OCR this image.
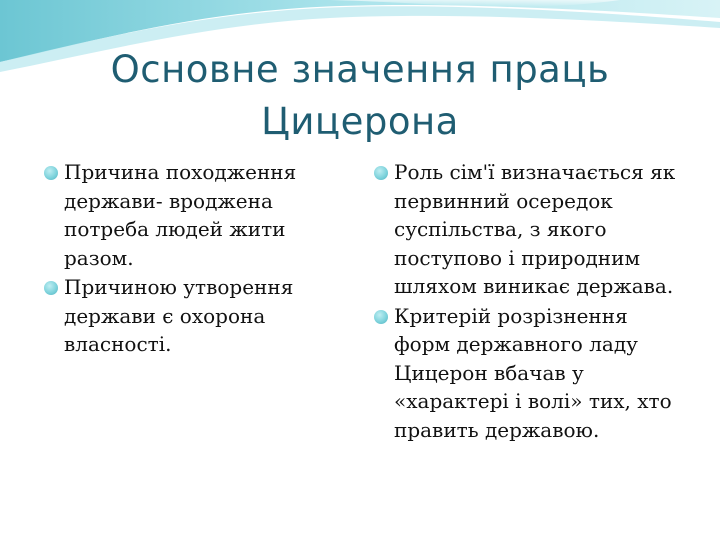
Основне значення праць
Цицерона
Причина походження держави- вроджена потреба людей жити разом.
Причиною утворення держави є охорона власності.
Роль сім'ї визначається як первинний осередок суспільства, з якого поступово і природним шляхом виникає держава.
Критерій розрізнення форм державного ладу Цицерон вбачав у «характері і волі» тих, хто править державою.
